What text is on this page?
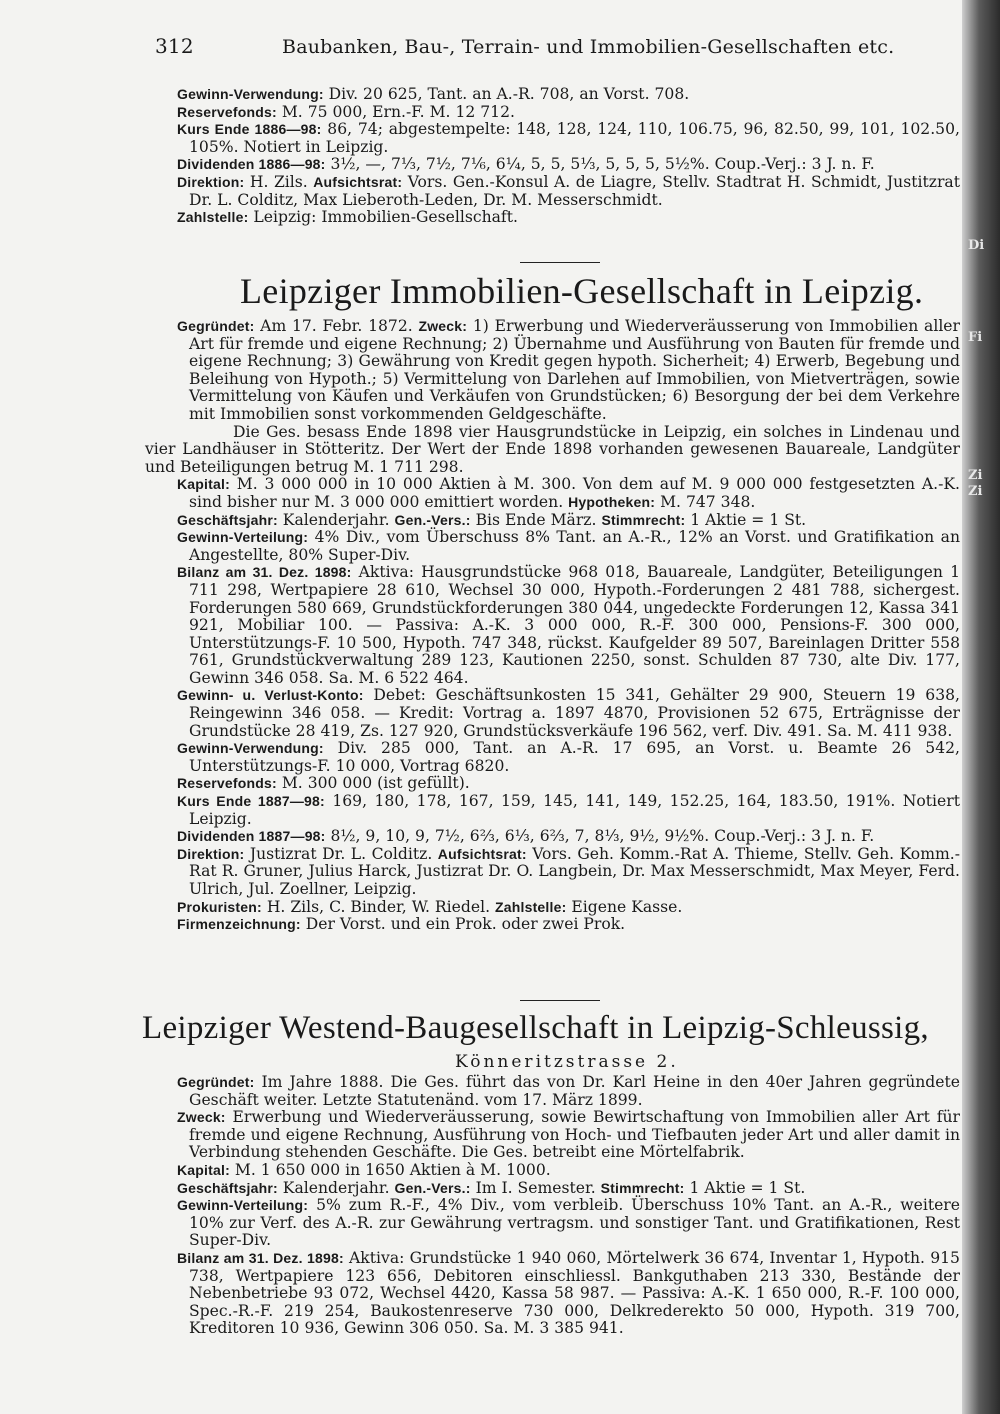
Di
Fi
Zi
Zi
312	Baubanken, Bau-, Terrain- und Immobilien-Gesellschaften etc.

Gewinn-Verwendung: Div. 20 625, Tant. an A.-R. 708, an Vorst. 708.

Reservefonds: M. 75 000, Ern.-F. M. 12 712.

Kurs Ende 1886—98: 86, 74; abgestempelte: 148, 128, 124, 110, 106.75, 96, 82.50, 99, 101, 102.50, 105%. Notiert in Leipzig.

Dividenden 1886—98: 3½, —, 7⅓, 7½, 7⅙, 6¼, 5, 5, 5⅓, 5, 5, 5, 5½%. Coup.-Verj.: 3 J. n. F.

Direktion: H. Zils. Aufsichtsrat: Vors. Gen.-Konsul A. de Liagre, Stellv. Stadtrat H. Schmidt, Justitzrat Dr. L. Colditz, Max Lieberoth-Leden, Dr. M. Messerschmidt.

Zahlstelle: Leipzig: Immobilien-Gesellschaft.

Leipziger Immobilien-Gesellschaft in Leipzig.

Gegründet: Am 17. Febr. 1872. Zweck: 1) Erwerbung und Wiederveräusserung von Immobilien aller Art für fremde und eigene Rechnung; 2) Übernahme und Ausführung von Bauten für fremde und eigene Rechnung; 3) Gewährung von Kredit gegen hypoth. Sicherheit; 4) Erwerb, Begebung und Beleihung von Hypoth.; 5) Vermittelung von Darlehen auf Immobilien, von Mietverträgen, sowie Vermittelung von Käufen und Verkäufen von Grundstücken; 6) Besorgung der bei dem Verkehre mit Immobilien sonst vorkommenden Geldgeschäfte.

Die Ges. besass Ende 1898 vier Hausgrundstücke in Leipzig, ein solches in Lindenau und vier Landhäuser in Stötteritz. Der Wert der Ende 1898 vorhanden gewesenen Bauareale, Landgüter und Beteiligungen betrug M. 1 711 298.

Kapital: M. 3 000 000 in 10 000 Aktien à M. 300. Von dem auf M. 9 000 000 festgesetzten A.-K. sind bisher nur M. 3 000 000 emittiert worden. Hypotheken: M. 747 348.

Geschäftsjahr: Kalenderjahr. Gen.-Vers.: Bis Ende März. Stimmrecht: 1 Aktie = 1 St.

Gewinn-Verteilung: 4% Div., vom Überschuss 8% Tant. an A.-R., 12% an Vorst. und Gratifikation an Angestellte, 80% Super-Div.

Bilanz am 31. Dez. 1898: Aktiva: Hausgrundstücke 968 018, Bauareale, Landgüter, Beteiligungen 1 711 298, Wertpapiere 28 610, Wechsel 30 000, Hypoth.-Forderungen 2 481 788, sichergest. Forderungen 580 669, Grundstückforderungen 380 044, ungedeckte Forderungen 12, Kassa 341 921, Mobiliar 100. — Passiva: A.-K. 3 000 000, R.-F. 300 000, Pensions-F. 300 000, Unterstützungs-F. 10 500, Hypoth. 747 348, rückst. Kaufgelder 89 507, Bareinlagen Dritter 558 761, Grundstückverwaltung 289 123, Kautionen 2250, sonst. Schulden 87 730, alte Div. 177, Gewinn 346 058. Sa. M. 6 522 464.

Gewinn- u. Verlust-Konto: Debet: Geschäftsunkosten 15 341, Gehälter 29 900, Steuern 19 638, Reingewinn 346 058. — Kredit: Vortrag a. 1897 4870, Provisionen 52 675, Erträgnisse der Grundstücke 28 419, Zs. 127 920, Grundstücksverkäufe 196 562, verf. Div. 491. Sa. M. 411 938.

Gewinn-Verwendung: Div. 285 000, Tant. an A.-R. 17 695, an Vorst. u. Beamte 26 542, Unterstützungs-F. 10 000, Vortrag 6820.

Reservefonds: M. 300 000 (ist gefüllt).

Kurs Ende 1887—98: 169, 180, 178, 167, 159, 145, 141, 149, 152.25, 164, 183.50, 191%. Notiert Leipzig.

Dividenden 1887—98: 8½, 9, 10, 9, 7½, 6⅔, 6⅓, 6⅔, 7, 8⅓, 9½, 9½%. Coup.-Verj.: 3 J. n. F.

Direktion: Justizrat Dr. L. Colditz. Aufsichtsrat: Vors. Geh. Komm.-Rat A. Thieme, Stellv. Geh. Komm.-Rat R. Gruner, Julius Harck, Justizrat Dr. O. Langbein, Dr. Max Messerschmidt, Max Meyer, Ferd. Ulrich, Jul. Zoellner, Leipzig.

Prokuristen: H. Zils, C. Binder, W. Riedel. Zahlstelle: Eigene Kasse.

Firmenzeichnung: Der Vorst. und ein Prok. oder zwei Prok.

Leipziger Westend-Baugesellschaft in Leipzig-Schleussig,
Könneritzstrasse 2.

Gegründet: Im Jahre 1888. Die Ges. führt das von Dr. Karl Heine in den 40er Jahren gegründete Geschäft weiter. Letzte Statutenänd. vom 17. März 1899.

Zweck: Erwerbung und Wiederveräusserung, sowie Bewirtschaftung von Immobilien aller Art für fremde und eigene Rechnung, Ausführung von Hoch- und Tiefbauten jeder Art und aller damit in Verbindung stehenden Geschäfte. Die Ges. betreibt eine Mörtelfabrik.

Kapital: M. 1 650 000 in 1650 Aktien à M. 1000.

Geschäftsjahr: Kalenderjahr. Gen.-Vers.: Im I. Semester. Stimmrecht: 1 Aktie = 1 St.

Gewinn-Verteilung: 5% zum R.-F., 4% Div., vom verbleib. Überschuss 10% Tant. an A.-R., weitere 10% zur Verf. des A.-R. zur Gewährung vertragsm. und sonstiger Tant. und Gratifikationen, Rest Super-Div.

Bilanz am 31. Dez. 1898: Aktiva: Grundstücke 1 940 060, Mörtelwerk 36 674, Inventar 1, Hypoth. 915 738, Wertpapiere 123 656, Debitoren einschliessl. Bankguthaben 213 330, Bestände der Nebenbetriebe 93 072, Wechsel 4420, Kassa 58 987. — Passiva: A.-K. 1 650 000, R.-F. 100 000, Spec.-R.-F. 219 254, Baukostenreserve 730 000, Delkrederekto 50 000, Hypoth. 319 700, Kreditoren 10 936, Gewinn 306 050. Sa. M. 3 385 941.
